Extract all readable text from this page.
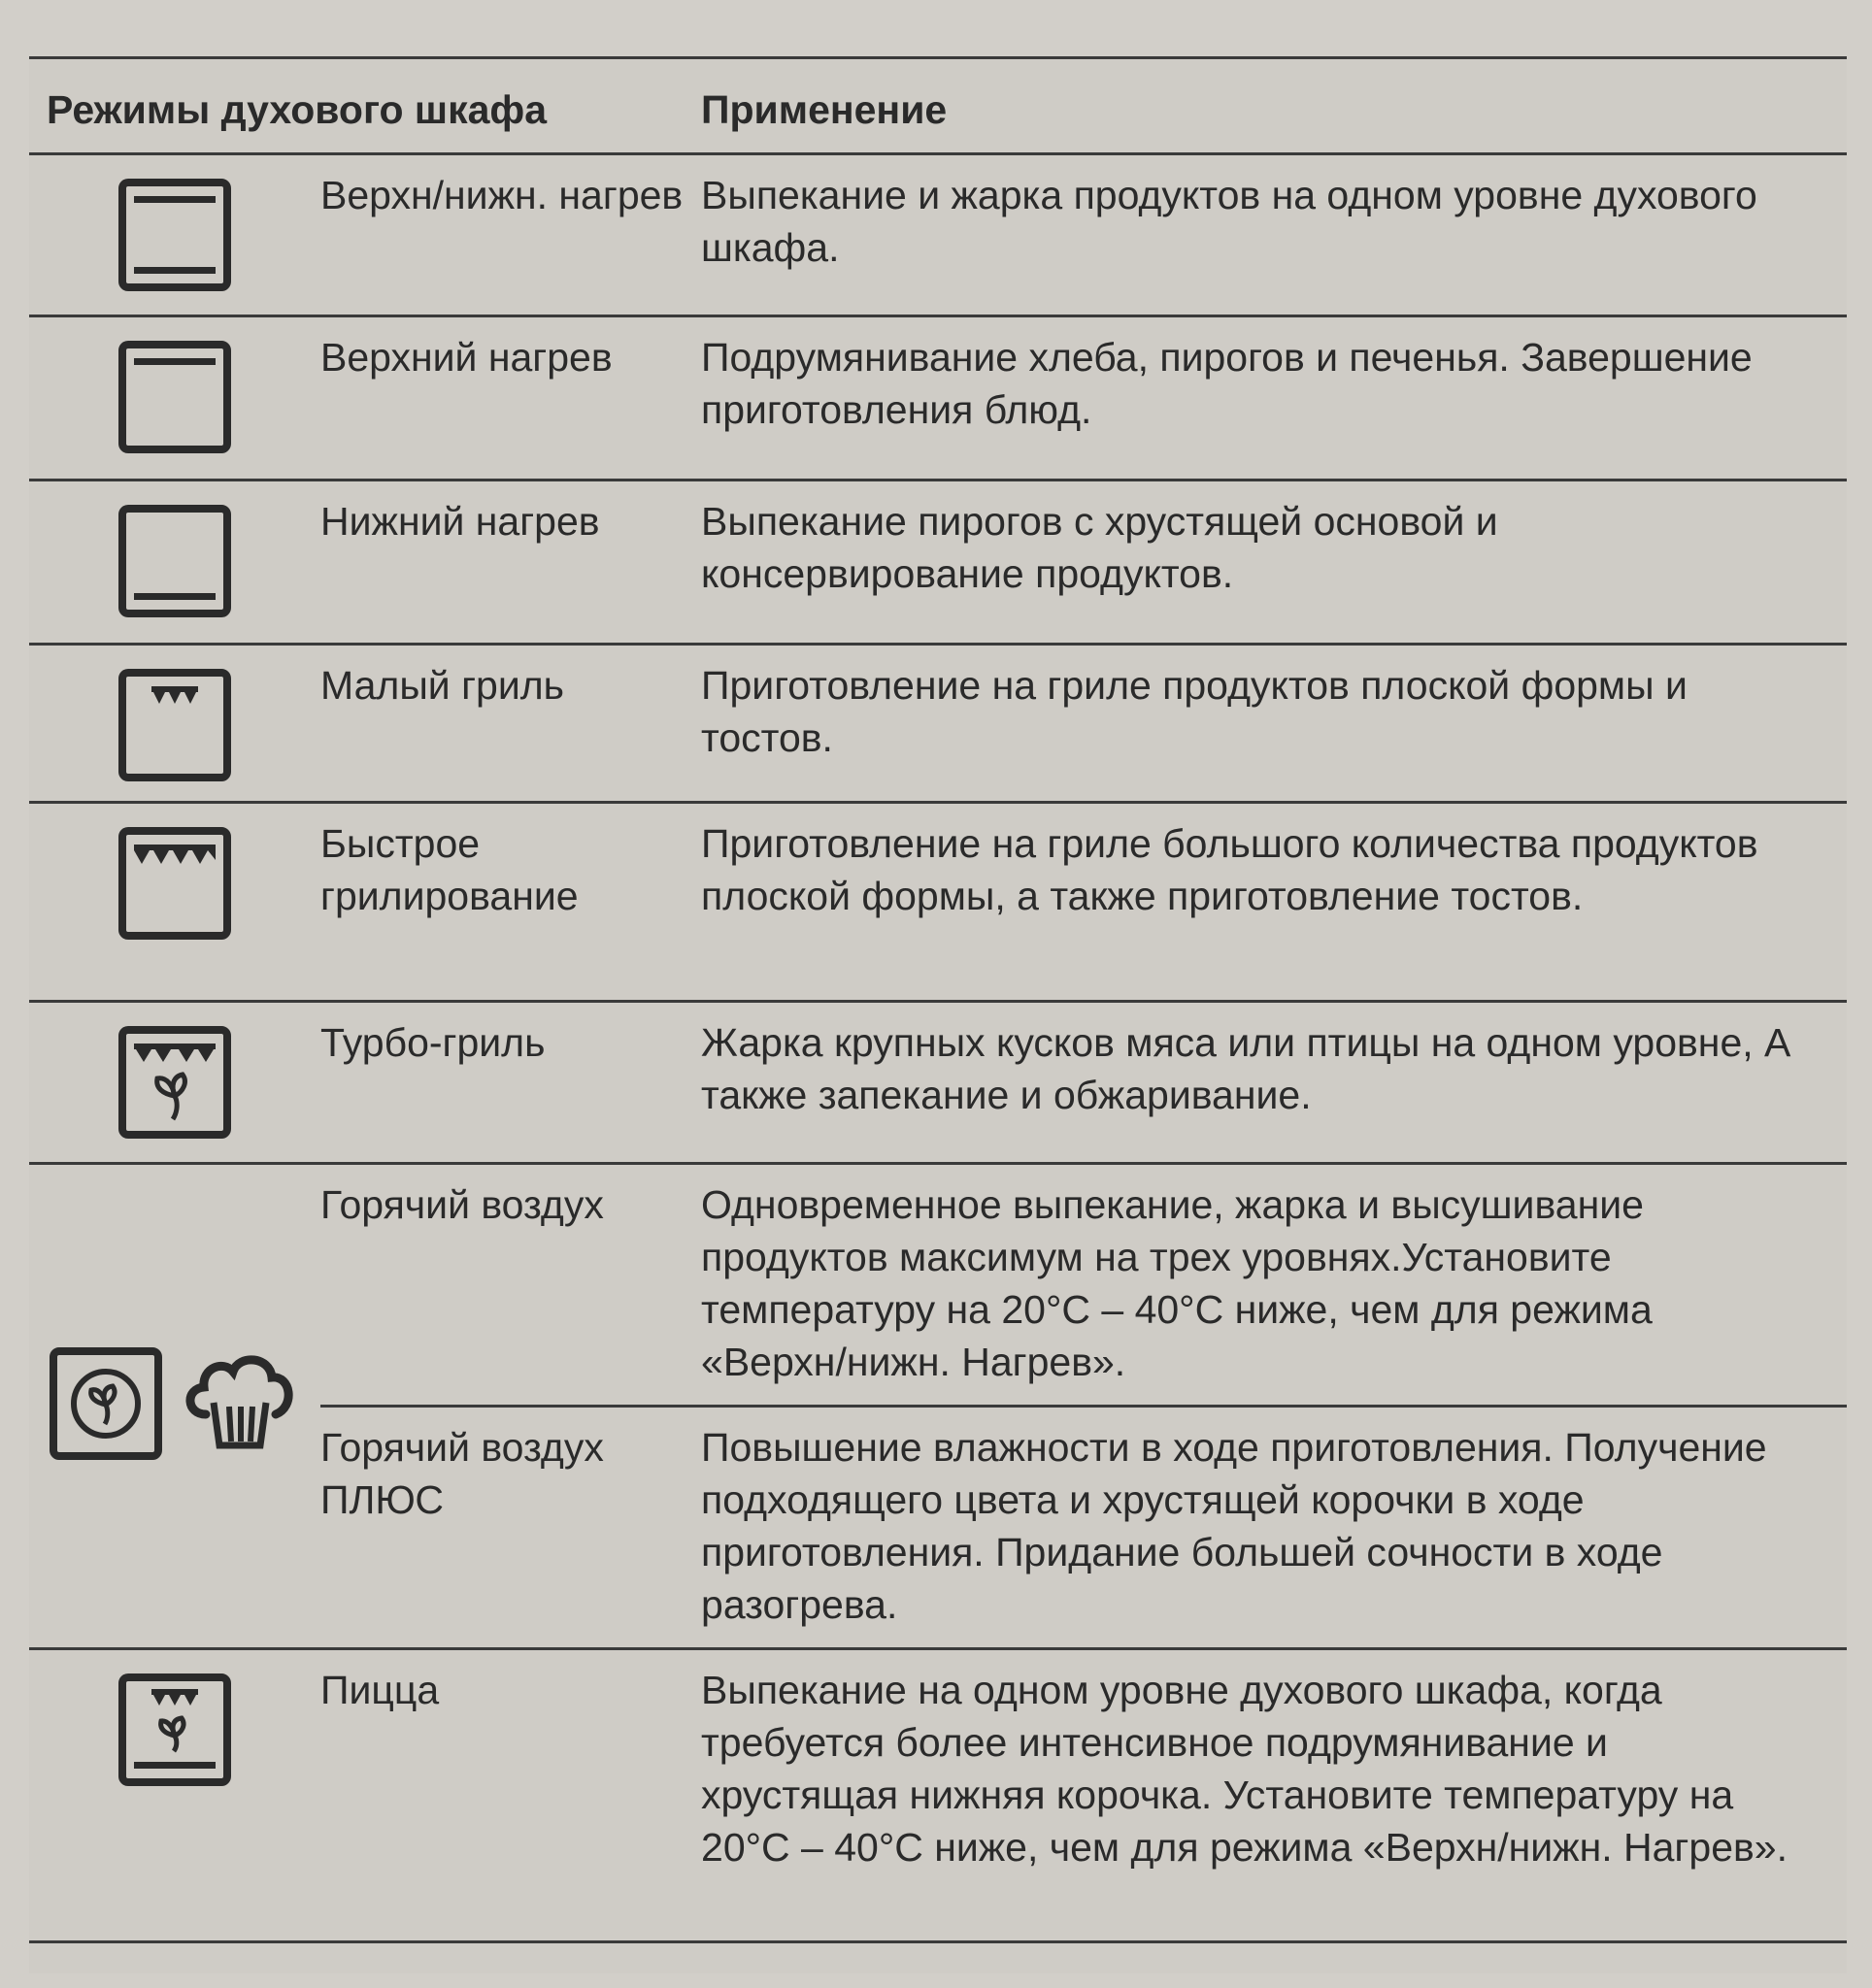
Режимы духового шкафа		Применение

	Верхн/нижн. нагрев	Выпекание и жарка продуктов на одном уровне духового шкафа.

	Верхний нагрев	Подрумянивание хлеба, пирогов и печенья. Завершение приготовления блюд.

	Нижний нагрев	Выпекание пирогов с хрустящей основой и консервирование продуктов.

	Малый гриль	Приготовление на гриле продуктов плоской формы и тостов.

	Быстрое грилирование	Приготовление на гриле большого количества продуктов плоской формы, а также приготовление тостов.

	Турбо-гриль	Жарка крупных кусков мяса или птицы на одном уровне, А также запекание и обжаривание.

	Горячий воздух	Одновременное выпекание, жарка и высушивание продуктов максимум на трех уровнях.Установите температуру на 20°C – 40°C ниже, чем для режима «Верхн/нижн. Нагрев».
	Горячий воздух ПЛЮС	Повышение влажности в ходе приготовления. Получение подходящего цвета и хрустящей корочки в ходе приготовления. Придание большей сочности в ходе разогрева.

	Пицца	Выпекание на одном уровне духового шкафа, когда требуется более интенсивное подрумянивание и хрустящая нижняя корочка. Установите температуру на 20°C – 40°C ниже, чем для режима «Верхн/нижн. Нагрев».
